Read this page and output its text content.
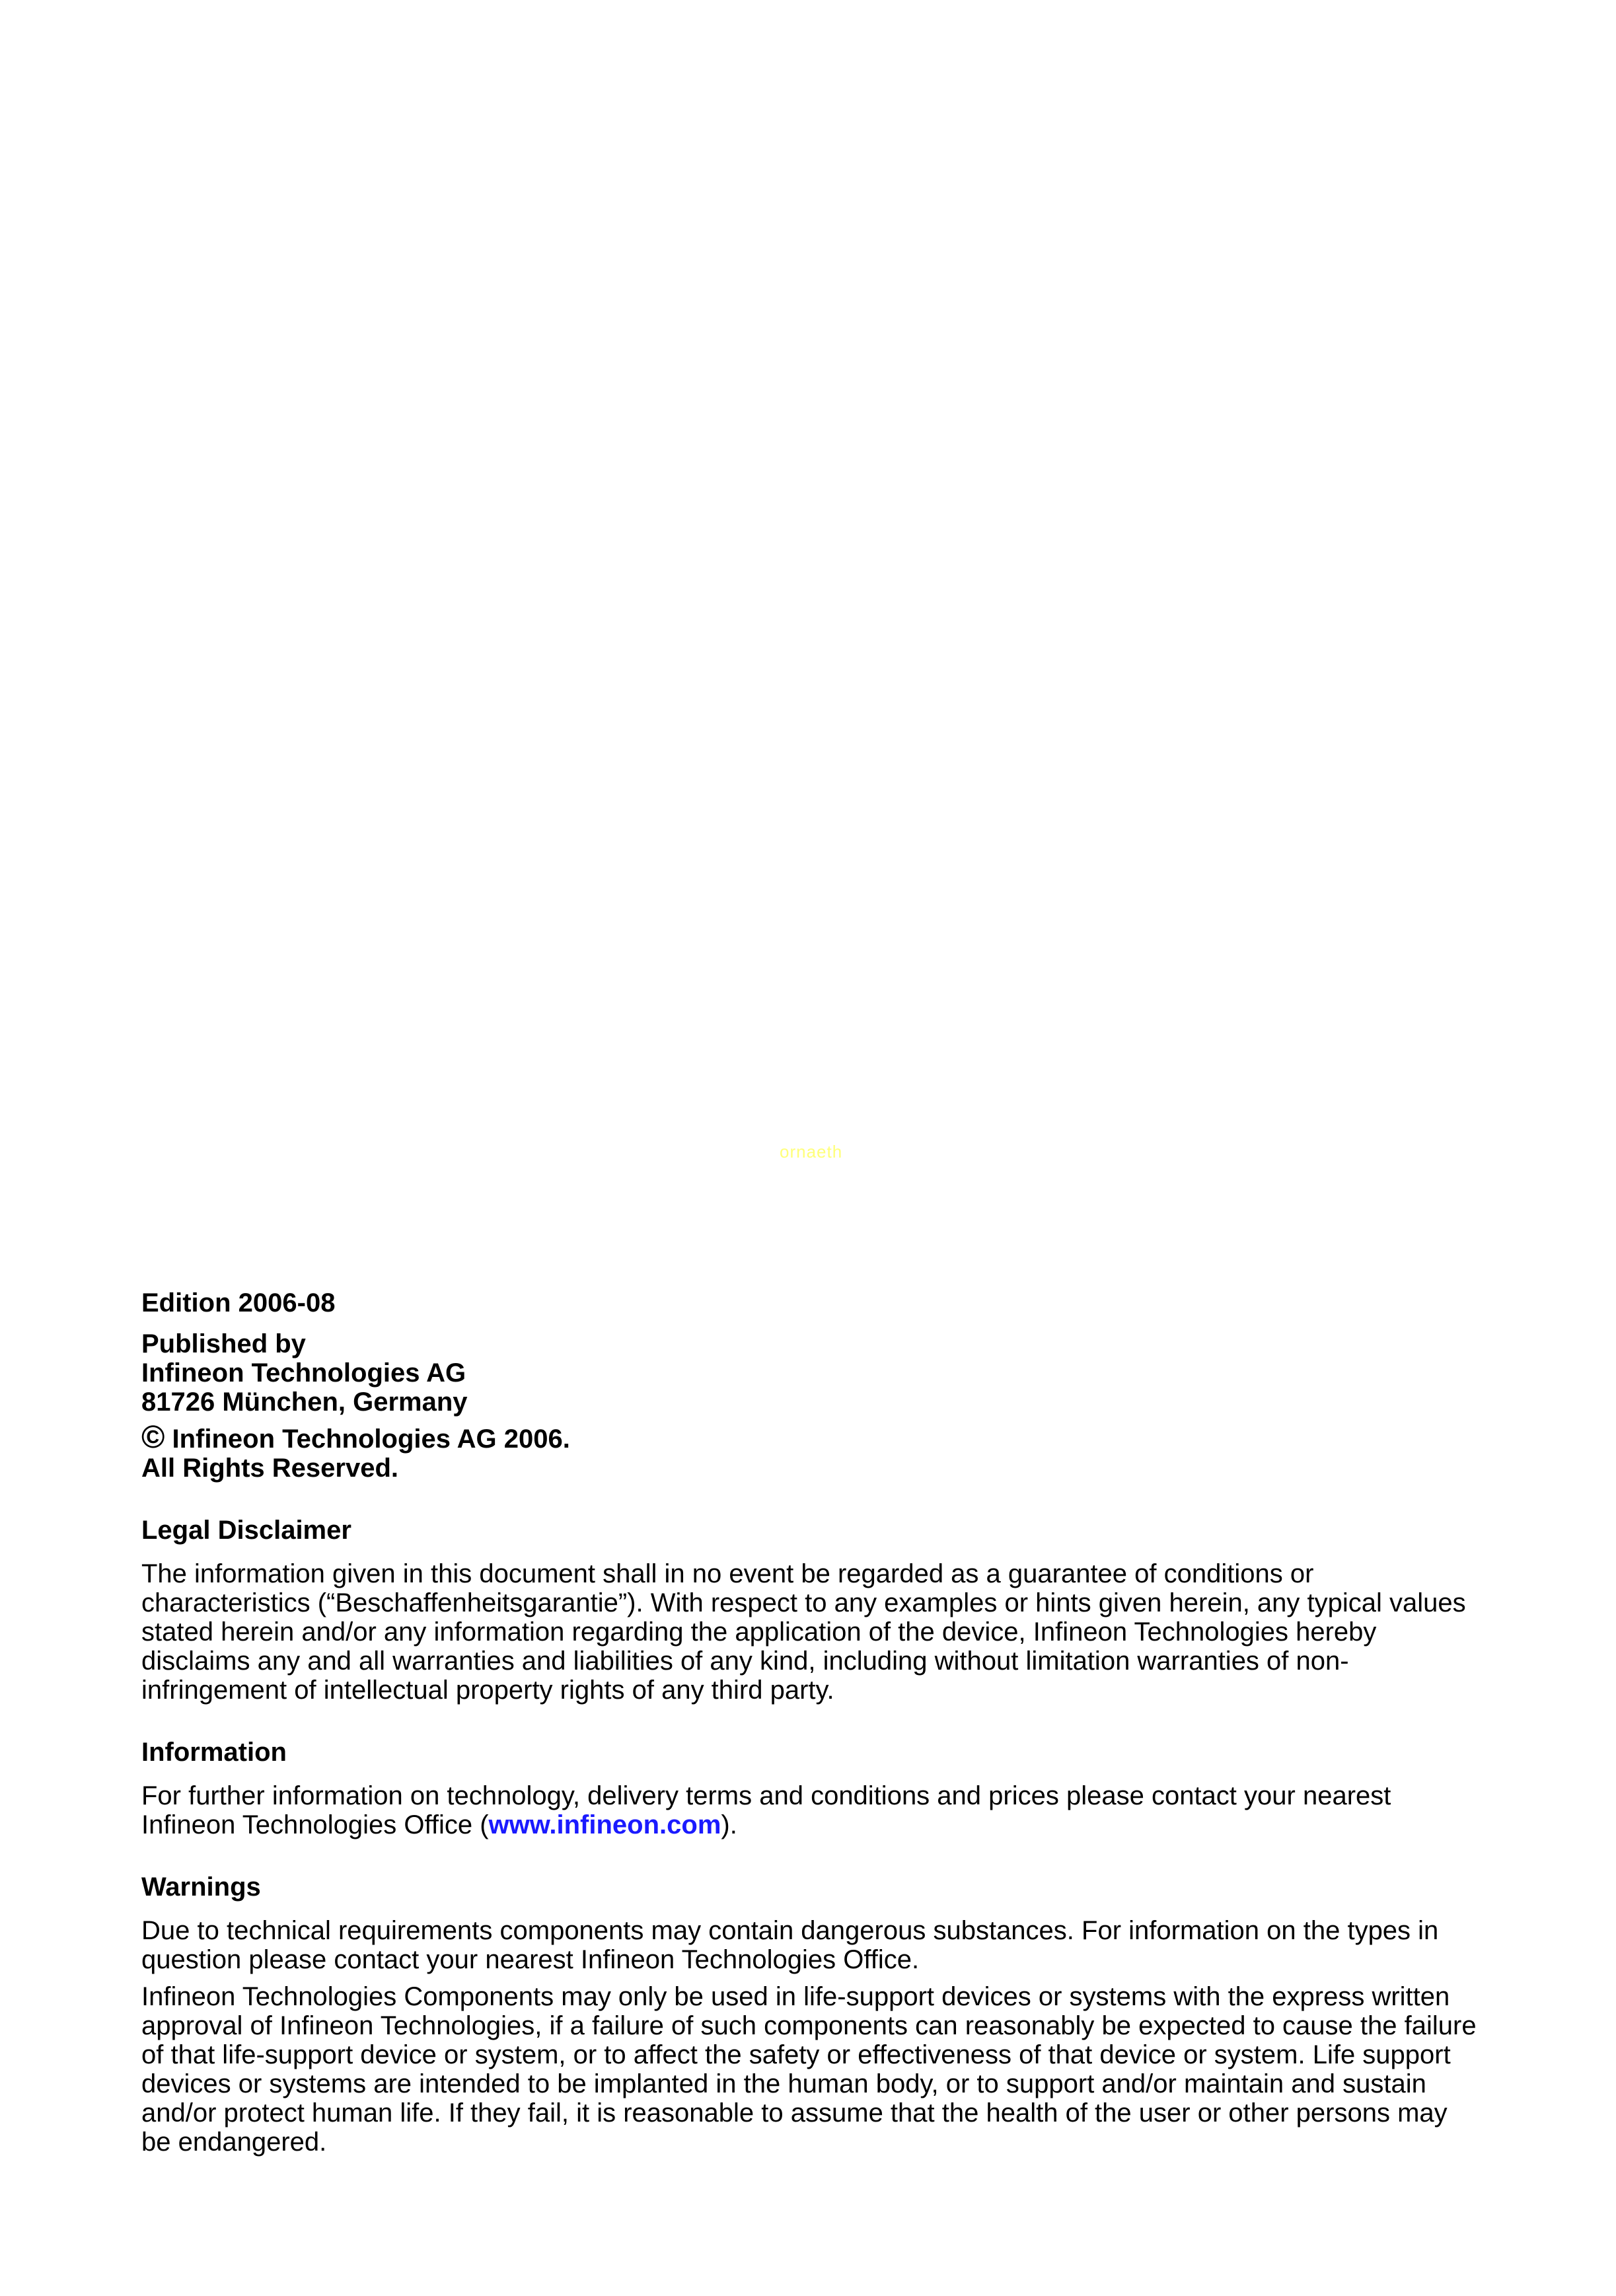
ornaeth
Edition 2006-08
Published by
Infineon Technologies AG
81726 München, Germany
© Infineon Technologies AG 2006.
All Rights Reserved.
Legal Disclaimer

The information given in this document shall in no event be regarded as a guarantee of conditions or

characteristics (“Beschaffenheitsgarantie”). With respect to any examples or hints given herein, any typical values

stated herein and/or any information regarding the application of the device, Infineon Technologies hereby

disclaims any and all warranties and liabilities of any kind, including without limitation warranties of non-

infringement of intellectual property rights of any third party.

Information

For further information on technology, delivery terms and conditions and prices please contact your nearest

Infineon Technologies Office (www.infineon.com).

Warnings

Due to technical requirements components may contain dangerous substances. For information on the types in

question please contact your nearest Infineon Technologies Office.

Infineon Technologies Components may only be used in life-support devices or systems with the express written

approval of Infineon Technologies, if a failure of such components can reasonably be expected to cause the failure

of that life-support device or system, or to affect the safety or effectiveness of that device or system. Life support

devices or systems are intended to be implanted in the human body, or to support and/or maintain and sustain

and/or protect human life. If they fail, it is reasonable to assume that the health of the user or other persons may

be endangered.
